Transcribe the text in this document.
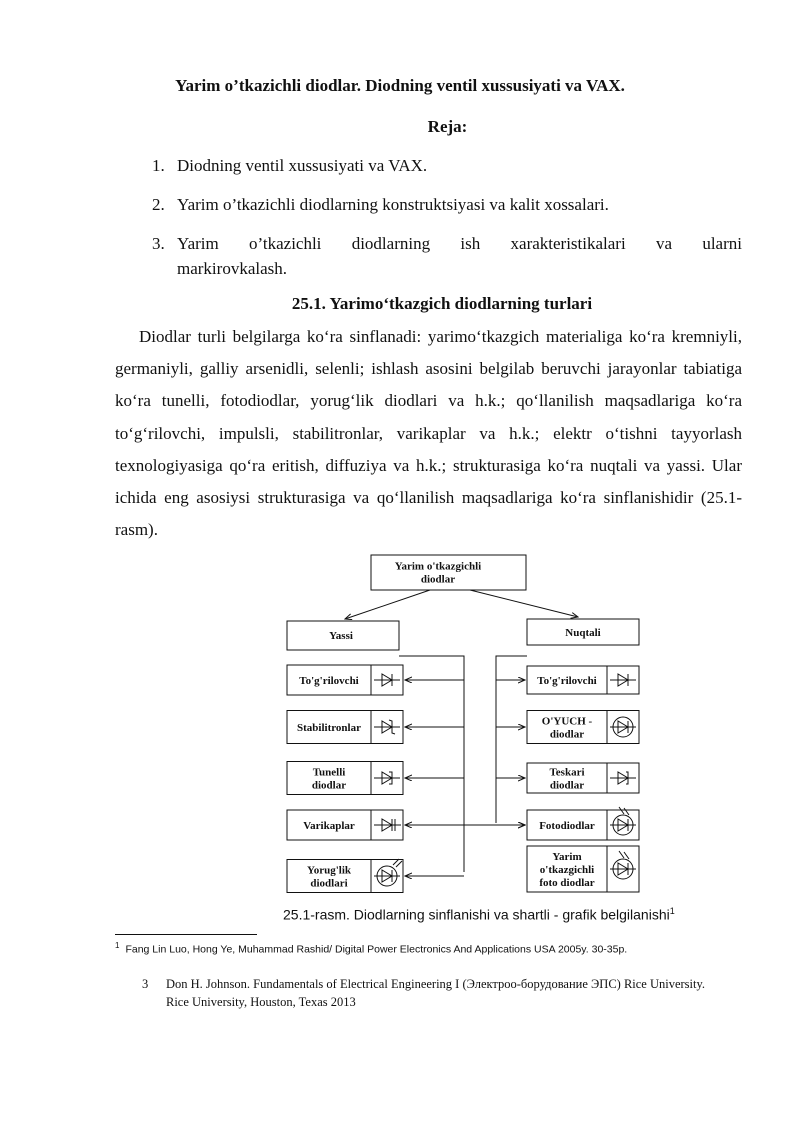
Yarim o’tkazichli diodlar. Diodning ventil xussusiyati va VAX.
Reja:
1. Diodning ventil xussusiyati va VAX.
2. Yarim o’tkazichli diodlarning konstruktsiyasi va kalit xossalari.
3. Yarim o’tkazichli diodlarning ish xarakteristikalari va ularni
markirovkalash.
25.1. Yarimoʻtkazgich diodlarning turlari
Diodlar turli belgilarga koʻra sinflanadi: yarimoʻtkazgich materialiga koʻra kremniyli, germaniyli, galliy arsenidli, selenli; ishlash asosini belgilab beruvchi jarayonlar tabiatiga koʻra tunelli, fotodiodlar, yorugʻlik diodlari va h.k.; qoʻllanilish maqsadlariga koʻra toʻgʻrilovchi, impulsli, stabilitronlar, varikaplar va h.k.; elektr oʻtishni tayyorlash texnologiyasiga qoʻra eritish, diffuziya va h.k.; strukturasiga koʻra nuqtali va yassi. Ular ichida eng asosiysi strukturasiga va qoʻllanilish maqsadlariga koʻra sinflanishidir (25.1-rasm).
Yarim o'tkazgichli
diodlar
Yassi	Nuqtali
To'g'rilovchi
Stabilitronlar
Tunelli
diodlar
Varikaplar
Yorug'lik
diodlari
To'g'rilovchi
O'YUCH -
diodlar
Teskari
diodlar
Fotodiodlar
Yarim
o'tkazgichli
foto diodlar
25.1-rasm. Diodlarning sinflanishi va shartli - grafik belgilanishi$^1$
$^1$ Fang Lin Luo, Hong Ye, Muhammad Rashid/ Digital Power Electronics And Applications USA 2005y. 30-35p.
3 Don H. Johnson. Fundamentals of Electrical Engineering I (Электроо-борудование ЭПС) Rice University. Rice University, Houston, Texas 2013
